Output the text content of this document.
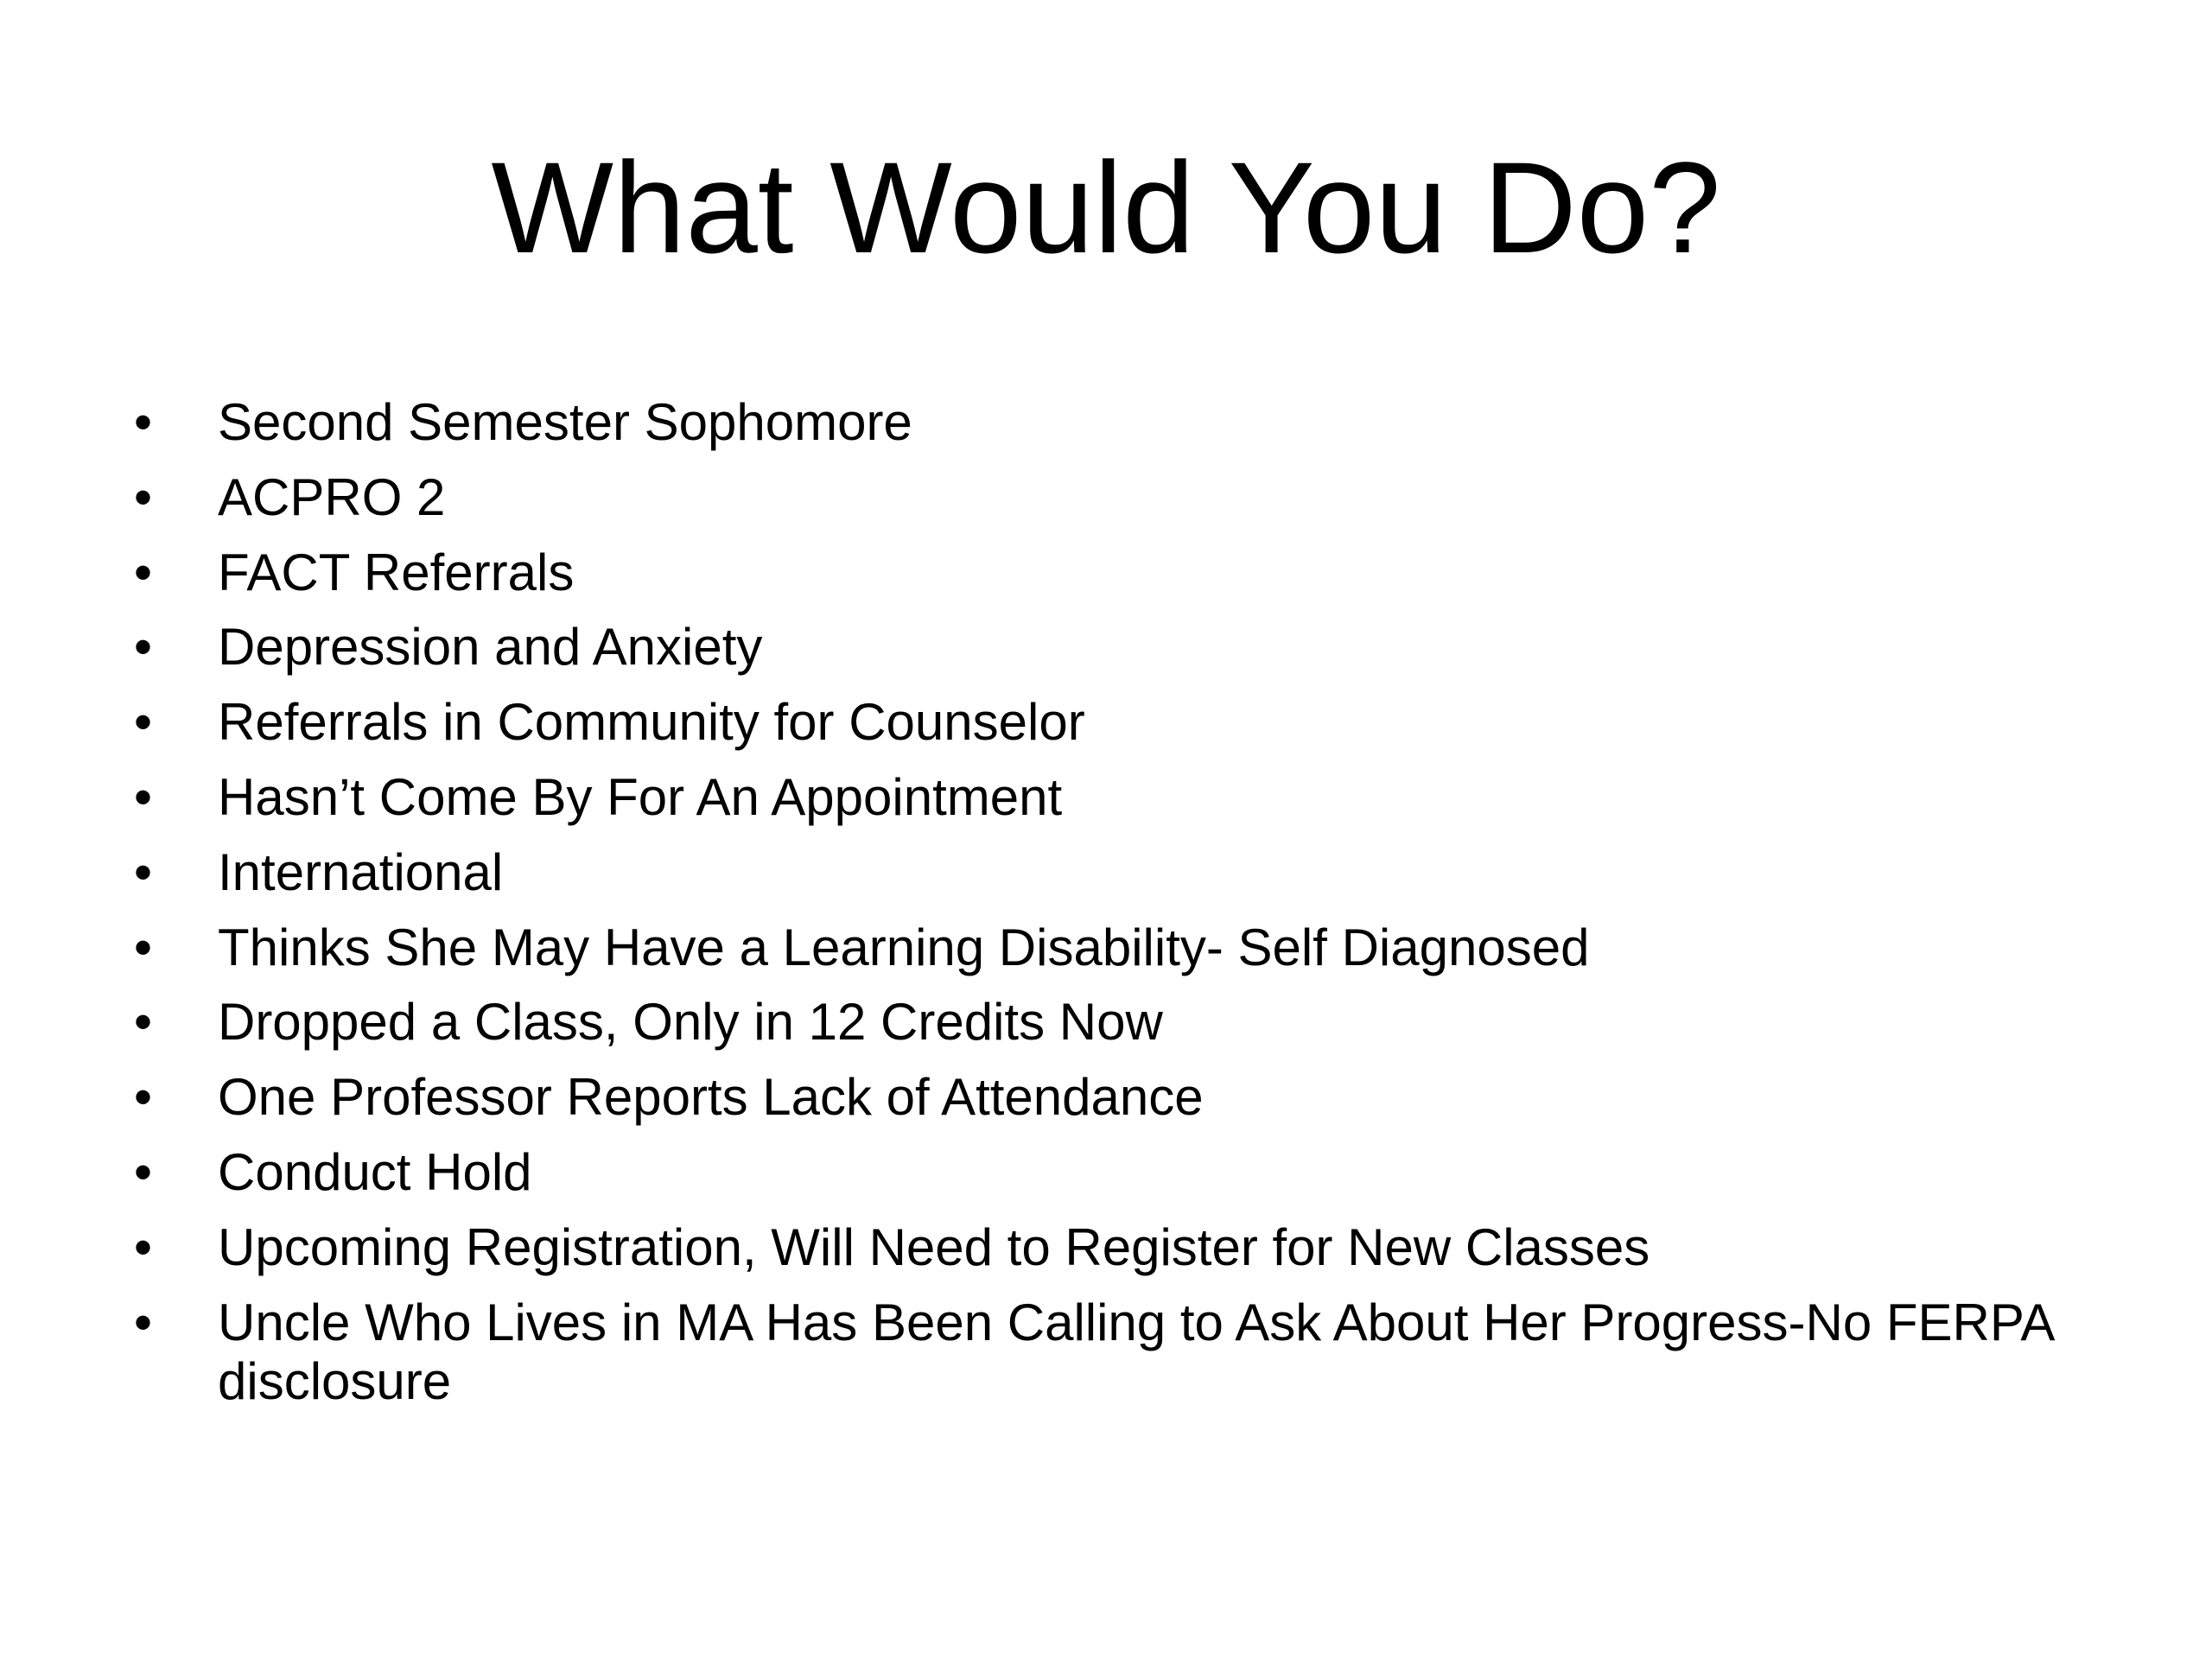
What Would You Do?
•	Second Semester Sophomore
•	ACPRO 2
•	FACT Referrals
•	Depression and Anxiety
•	Referrals in Community for Counselor
•	Hasn’t Come By For An Appointment
•	International
•	Thinks She May Have a Learning Disability- Self Diagnosed
•	Dropped a Class, Only in 12 Credits Now
•	One Professor Reports Lack of Attendance
•	Conduct Hold
•	Upcoming Registration, Will Need to Register for New Classes
•	Uncle Who Lives in MA Has Been Calling to Ask About Her Progress-No FERPA disclosure
